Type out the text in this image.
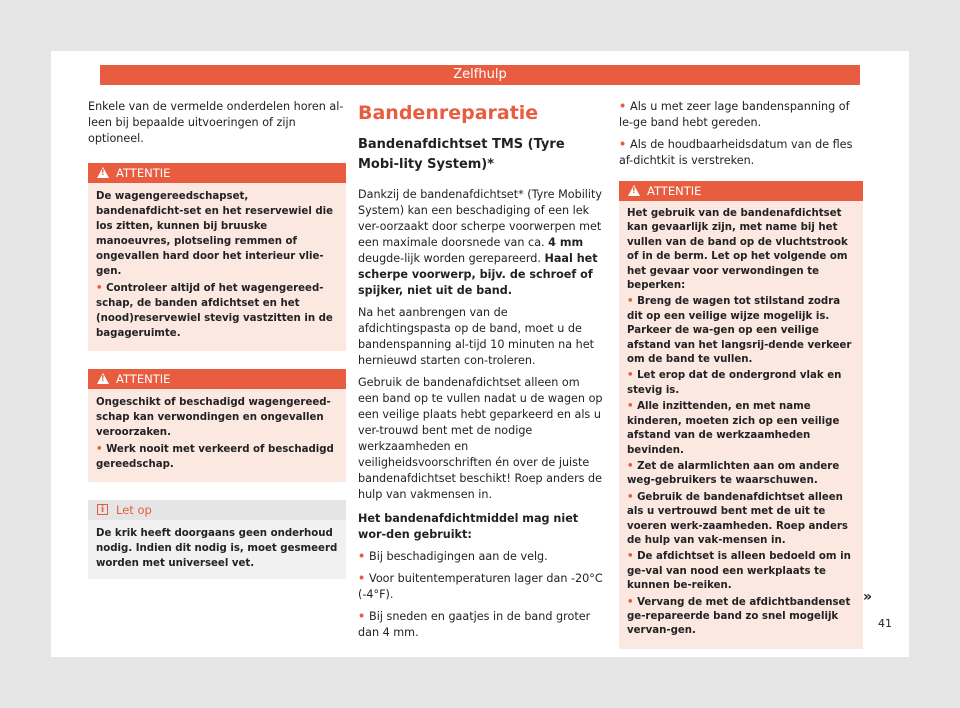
Zelfhulp

Enkele van de vermelde onderdelen horen al-leen bij bepaalde uitvoeringen of zijn optioneel.

!
ATTENTIE
De wagengereedschapset, bandenafdicht-set en het reservewiel die los zitten, kunnen bij bruuske manoeuvres, plotseling remmen of ongevallen hard door het interieur vlie-gen.
• Controleer altijd of het wagengereed-schap, de banden afdichtset en het (nood)reservewiel stevig vastzitten in de bagageruimte.
!
ATTENTIE
Ongeschikt of beschadigd wagengereed-schap kan verwondingen en ongevallen veroorzaken.
• Werk nooit met verkeerd of beschadigd gereedschap.
i	Let op
De krik heeft doorgaans geen onderhoud nodig. Indien dit nodig is, moet gesmeerd worden met universeel vet.
Bandenreparatie
Bandenafdichtset TMS (Tyre Mobi-lity System)*

Dankzij de bandenafdichtset* (Tyre Mobility System) kan een beschadiging of een lek ver-oorzaakt door scherpe voorwerpen met een maximale doorsnede van ca. 4 mm deugde-lijk worden gerepareerd. Haal het scherpe voorwerp, bijv. de schroef of spijker, niet uit de band.

Na het aanbrengen van de afdichtingspasta op de band, moet u de bandenspanning al-tijd 10 minuten na het hernieuwd starten con-troleren.

Gebruik de bandenafdichtset alleen om een band op te vullen nadat u de wagen op een veilige plaats hebt geparkeerd en als u ver-trouwd bent met de nodige werkzaamheden en veiligheidsvoorschriften én over de juiste bandenafdichtset beschikt! Roep anders de hulp van vakmensen in.

Het bandenafdichtmiddel mag niet wor-den gebruikt:
• Bij beschadigingen aan de velg.
• Voor buitentemperaturen lager dan -20°C (-4°F).
• Bij sneden en gaatjes in de band groter dan 4 mm.
• Als u met zeer lage bandenspanning of le-ge band hebt gereden.
• Als de houdbaarheidsdatum van de fles af-dichtkit is verstreken.
!
ATTENTIE
Het gebruik van de bandenafdichtset kan gevaarlijk zijn, met name bij het vullen van de band op de vluchtstrook of in de berm. Let op het volgende om het gevaar voor verwondingen te beperken:
• Breng de wagen tot stilstand zodra dit op een veilige wijze mogelijk is. Parkeer de wa-gen op een veilige afstand van het langsrij-dende verkeer om de band te vullen.
• Let erop dat de ondergrond vlak en stevig is.
• Alle inzittenden, en met name kinderen, moeten zich op een veilige afstand van de werkzaamheden bevinden.
• Zet de alarmlichten aan om andere weg-gebruikers te waarschuwen.
• Gebruik de bandenafdichtset alleen als u vertrouwd bent met de uit te voeren werk-zaamheden. Roep anders de hulp van vak-mensen in.
• De afdichtset is alleen bedoeld om in ge-val van nood een werkplaats te kunnen be-reiken.
• Vervang de met de afdichtbandenset ge-repareerde band zo snel mogelijk vervan-gen.
»
41
